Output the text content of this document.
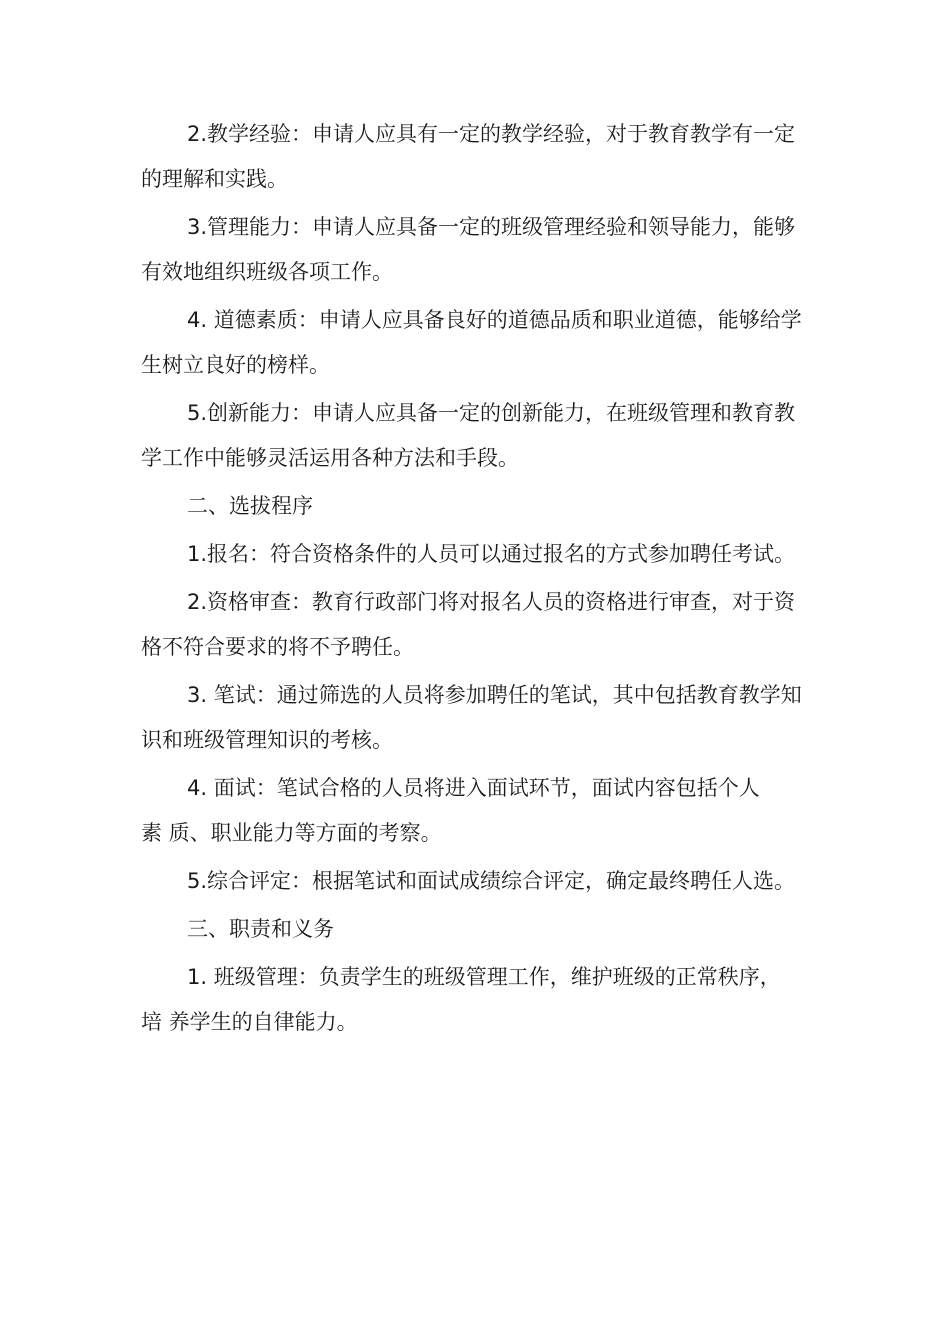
2.教学经验：申请人应具有一定的教学经验，对于教育教学有一定
的理解和实践。
3.管理能力：申请人应具备一定的班级管理经验和领导能力，能够
有效地组织班级各项工作。
4. 道德素质：申请人应具备良好的道德品质和职业道德，能够给学
生树立良好的榜样。
5.创新能力：申请人应具备一定的创新能力，在班级管理和教育教
学工作中能够灵活运用各种方法和手段。
二、选拔程序
1.报名：符合资格条件的人员可以通过报名的方式参加聘任考试。
2.资格审查：教育行政部门将对报名人员的资格进行审查，对于资
格不符合要求的将不予聘任。
3. 笔试：通过筛选的人员将参加聘任的笔试，其中包括教育教学知
识和班级管理知识的考核。
4. 面试：笔试合格的人员将进入面试环节，面试内容包括个人
素 质、职业能力等方面的考察。
5.综合评定：根据笔试和面试成绩综合评定，确定最终聘任人选。
三、职责和义务
1. 班级管理：负责学生的班级管理工作，维护班级的正常秩序，
培 养学生的自律能力。
